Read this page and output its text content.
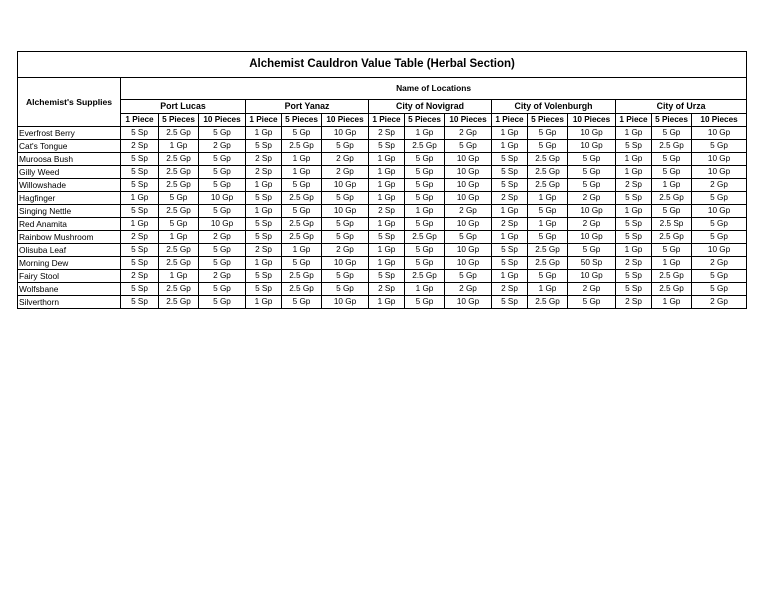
Alchemist Cauldron Value Table (Herbal Section)															
Alchemist's Supplies	Name of Locations														
	Port Lucas			Port Yanaz			City of Novigrad			City of Volenburgh			City of Urza		
	1 Piece	5 Pieces	10 Pieces	1 Piece	5 Pieces	10 Pieces	1 Piece	5 Pieces	10 Pieces	1 Piece	5 Pieces	10 Pieces	1 Piece	5 Pieces	10 Pieces
Everfrost Berry	5 Sp	2.5 Gp	5 Gp	1 Gp	5 Gp	10 Gp	2 Sp	1 Gp	2 Gp	1 Gp	5 Gp	10 Gp	1 Gp	5 Gp	10 Gp
Cat's Tongue	2 Sp	1 Gp	2 Gp	5 Sp	2.5 Gp	5 Gp	5 Sp	2.5 Gp	5 Gp	1 Gp	5 Gp	10 Gp	5 Sp	2.5 Gp	5 Gp
Muroosa Bush	5 Sp	2.5 Gp	5 Gp	2 Sp	1 Gp	2 Gp	1 Gp	5 Gp	10 Gp	5 Sp	2.5 Gp	5 Gp	1 Gp	5 Gp	10 Gp
Gilly Weed	5 Sp	2.5 Gp	5 Gp	2 Sp	1 Gp	2 Gp	1 Gp	5 Gp	10 Gp	5 Sp	2.5 Gp	5 Gp	1 Gp	5 Gp	10 Gp
Willowshade	5 Sp	2.5 Gp	5 Gp	1 Gp	5 Gp	10 Gp	1 Gp	5 Gp	10 Gp	5 Sp	2.5 Gp	5 Gp	2 Sp	1 Gp	2 Gp
Hagfinger	1 Gp	5 Gp	10 Gp	5 Sp	2.5 Gp	5 Gp	1 Gp	5 Gp	10 Gp	2 Sp	1 Gp	2 Gp	5 Sp	2.5 Gp	5 Gp
Singing Nettle	5 Sp	2.5 Gp	5 Gp	1 Gp	5 Gp	10 Gp	2 Sp	1 Gp	2 Gp	1 Gp	5 Gp	10 Gp	1 Gp	5 Gp	10 Gp
Red Anamita	1 Gp	5 Gp	10 Gp	5 Sp	2.5 Gp	5 Gp	1 Gp	5 Gp	10 Gp	2 Sp	1 Gp	2 Gp	5 Sp	2.5 Sp	5 Gp
Rainbow Mushroom	2 Sp	1 Gp	2 Gp	5 Sp	2.5 Gp	5 Gp	5 Sp	2.5 Gp	5 Gp	1 Gp	5 Gp	10 Gp	5 Sp	2.5 Gp	5 Gp
Olisuba Leaf	5 Sp	2.5 Gp	5 Gp	2 Sp	1 Gp	2 Gp	1 Gp	5 Gp	10 Gp	5 Sp	2.5 Gp	5 Gp	1 Gp	5 Gp	10 Gp
Morning Dew	5 Sp	2.5 Gp	5 Gp	1 Gp	5 Gp	10 Gp	1 Gp	5 Gp	10 Gp	5 Sp	2.5 Gp	50 Sp	2 Sp	1 Gp	2 Gp
Fairy Stool	2 Sp	1 Gp	2 Gp	5 Sp	2.5 Gp	5 Gp	5 Sp	2.5 Gp	5 Gp	1 Gp	5 Gp	10 Gp	5 Sp	2.5 Gp	5 Gp
Wolfsbane	5 Sp	2.5 Gp	5 Gp	5 Sp	2.5 Gp	5 Gp	2 Sp	1 Gp	2 Gp	2 Sp	1 Gp	2 Gp	5 Sp	2.5 Gp	5 Gp
Silverthorn	5 Sp	2.5 Gp	5 Gp	1 Gp	5 Gp	10 Gp	1 Gp	5 Gp	10 Gp	5 Sp	2.5 Gp	5 Gp	2 Sp	1 Gp	2 Gp
